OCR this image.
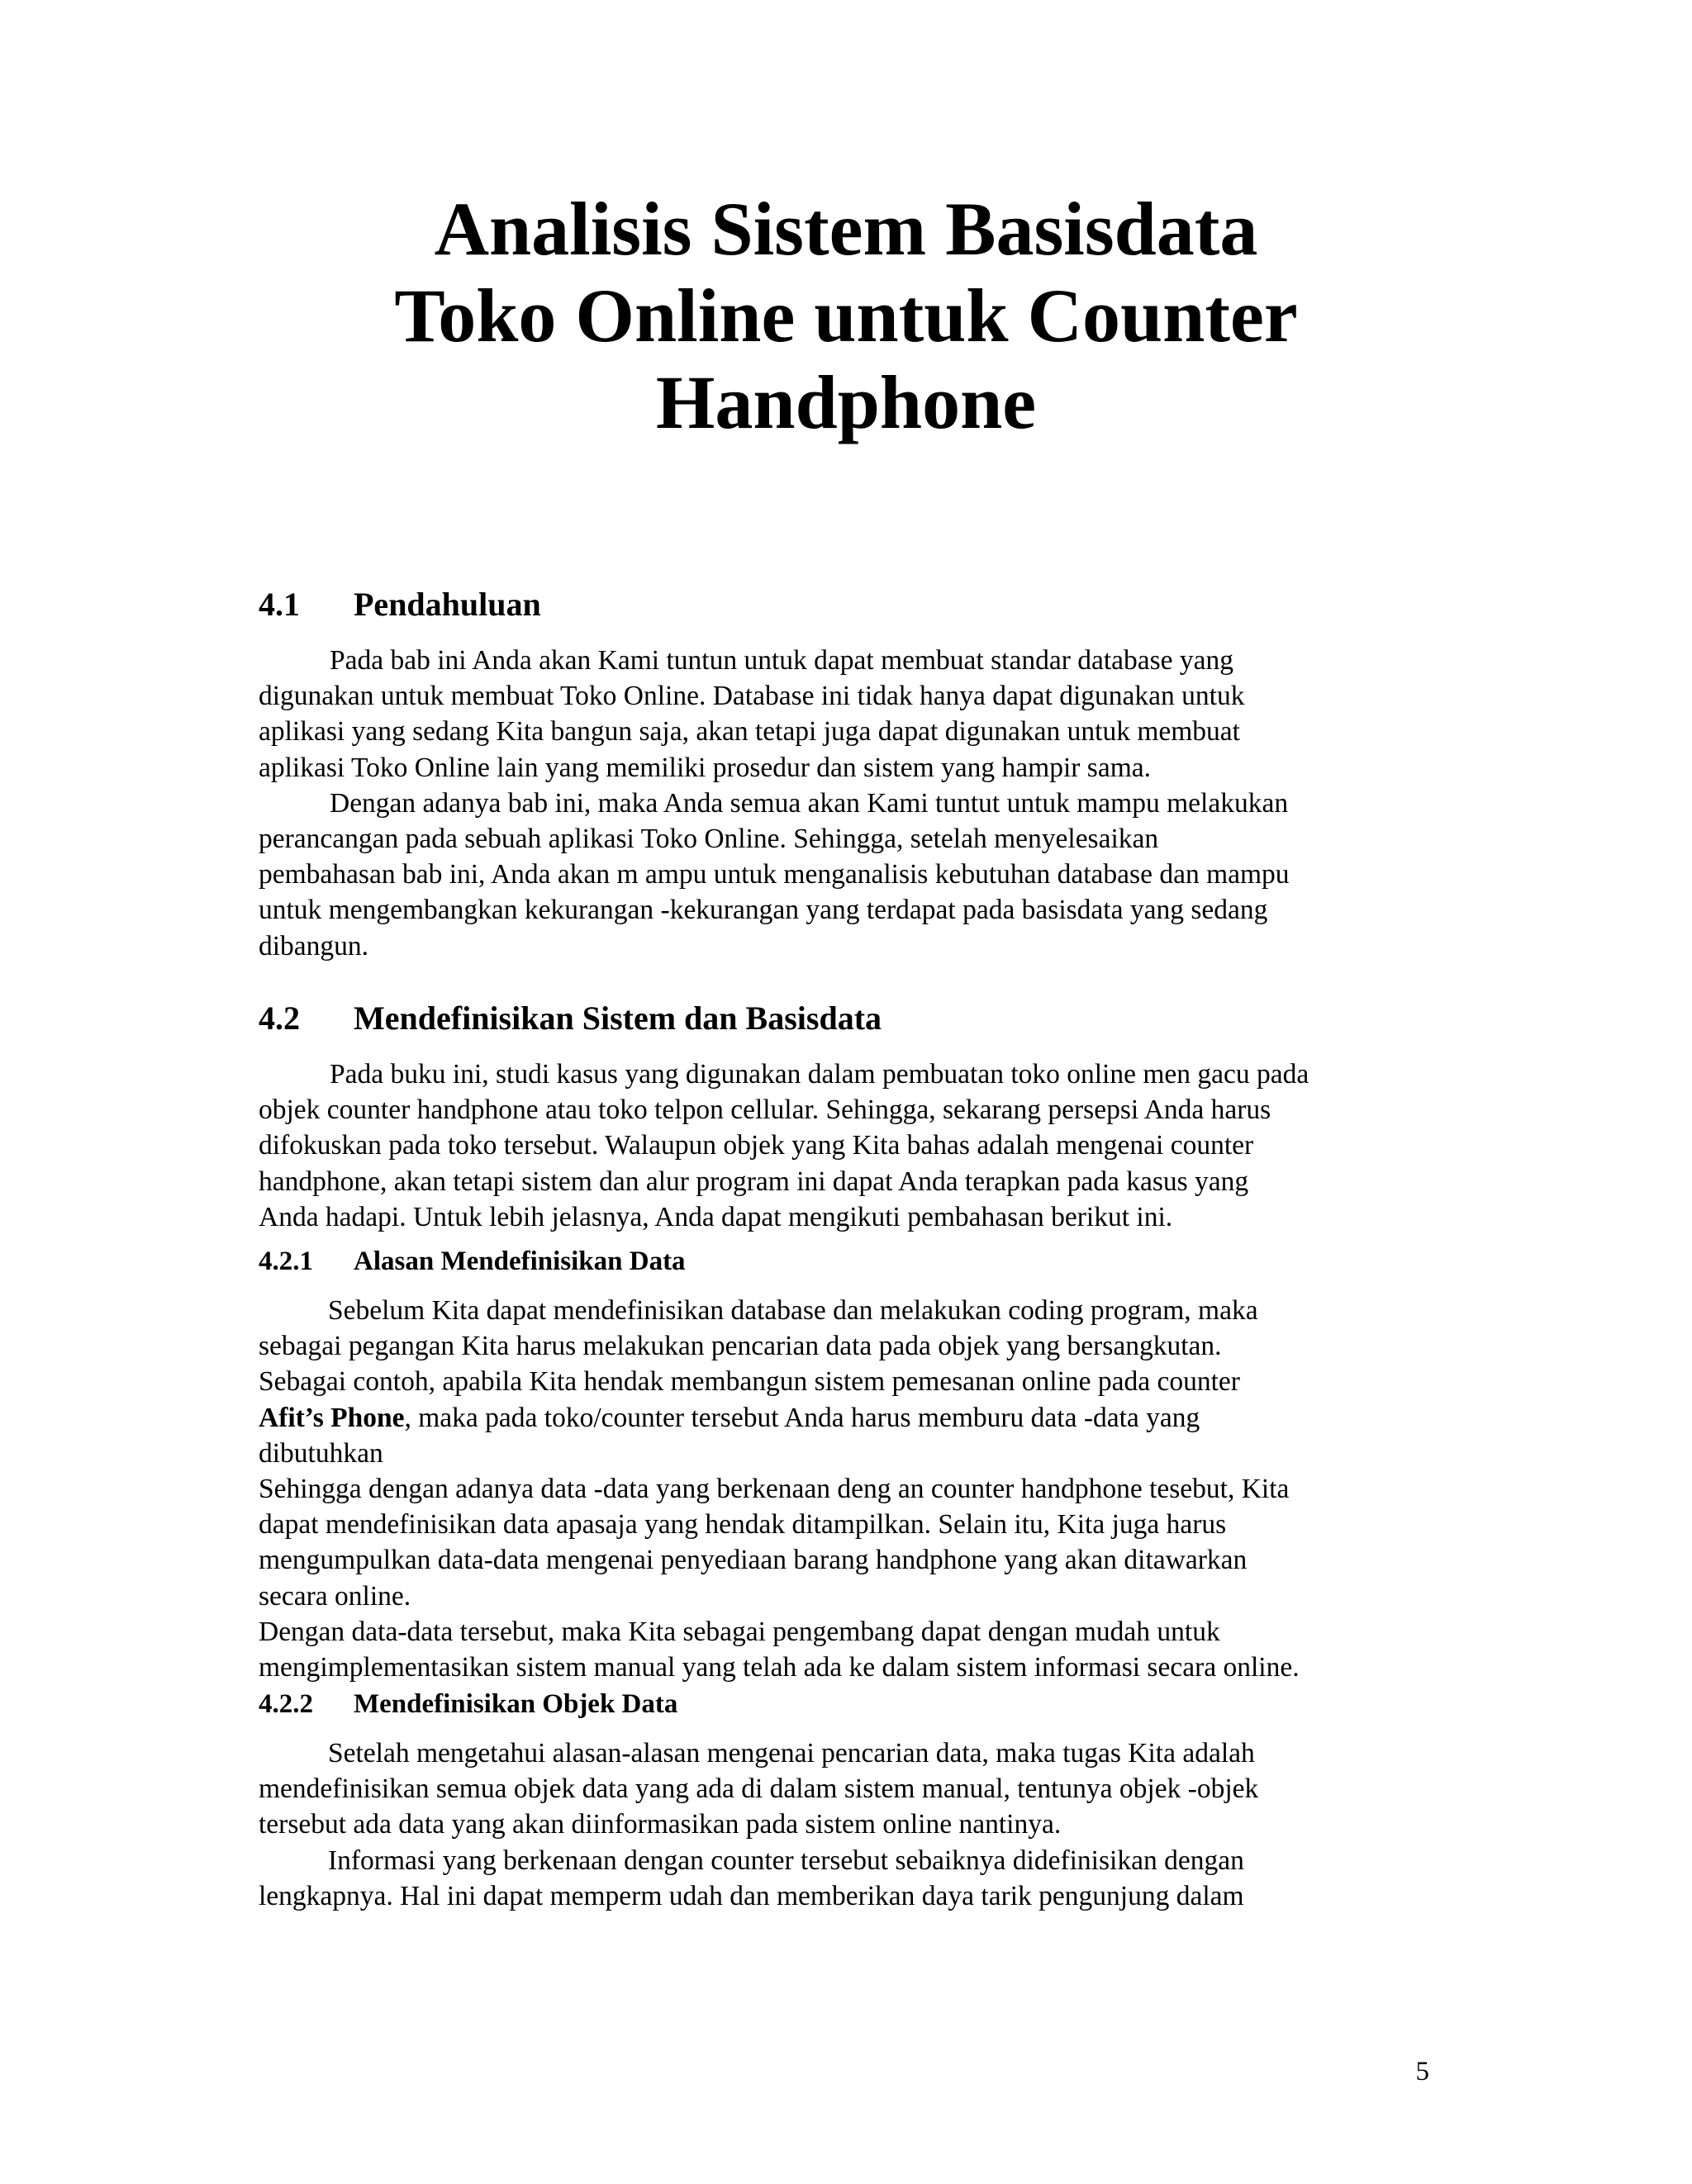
Analisis Sistem Basisdata
Toko Online untuk Counter
Handphone
4.1 Pendahuluan
Pada bab ini Anda akan Kami tuntun untuk dapat membuat standar database yang
digunakan untuk membuat Toko Online. Database ini tidak hanya dapat digunakan untuk
aplikasi yang sedang Kita bangun saja, akan tetapi juga dapat digunakan untuk membuat
aplikasi Toko Online lain yang memiliki prosedur dan sistem yang hampir sama.
Dengan adanya bab ini, maka Anda semua akan Kami tuntut untuk mampu melakukan
perancangan pada sebuah aplikasi Toko Online. Sehingga, setelah menyelesaikan
pembahasan bab ini, Anda akan m ampu untuk menganalisis kebutuhan database dan mampu
untuk mengembangkan kekurangan -kekurangan yang terdapat pada basisdata yang sedang
dibangun.
4.2 Mendefinisikan Sistem dan Basisdata
Pada buku ini, studi kasus yang digunakan dalam pembuatan toko online men gacu pada
objek counter handphone atau toko telpon cellular. Sehingga, sekarang persepsi Anda harus
difokuskan pada toko tersebut. Walaupun objek yang Kita bahas adalah mengenai counter
handphone, akan tetapi sistem dan alur program ini dapat Anda terapkan pada kasus yang
Anda hadapi. Untuk lebih jelasnya, Anda dapat mengikuti pembahasan berikut ini.
4.2.1 Alasan Mendefinisikan Data
Sebelum Kita dapat mendefinisikan database dan melakukan coding program, maka
sebagai pegangan Kita harus melakukan pencarian data pada objek yang bersangkutan.
Sebagai contoh, apabila Kita hendak membangun sistem pemesanan online pada counter
Afit’s Phone, maka pada toko/counter tersebut Anda harus memburu data -data yang
dibutuhkan
Sehingga dengan adanya data -data yang berkenaan deng an counter handphone tesebut, Kita
dapat mendefinisikan data apasaja yang hendak ditampilkan. Selain itu, Kita juga harus
mengumpulkan data-data mengenai penyediaan barang handphone yang akan ditawarkan
secara online.
Dengan data-data tersebut, maka Kita sebagai pengembang dapat dengan mudah untuk
mengimplementasikan sistem manual yang telah ada ke dalam sistem informasi secara online.
4.2.2 Mendefinisikan Objek Data
Setelah mengetahui alasan-alasan mengenai pencarian data, maka tugas Kita adalah
mendefinisikan semua objek data yang ada di dalam sistem manual, tentunya objek -objek
tersebut ada data yang akan diinformasikan pada sistem online nantinya.
Informasi yang berkenaan dengan counter tersebut sebaiknya didefinisikan dengan
lengkapnya. Hal ini dapat memperm udah dan memberikan daya tarik pengunjung dalam
5
